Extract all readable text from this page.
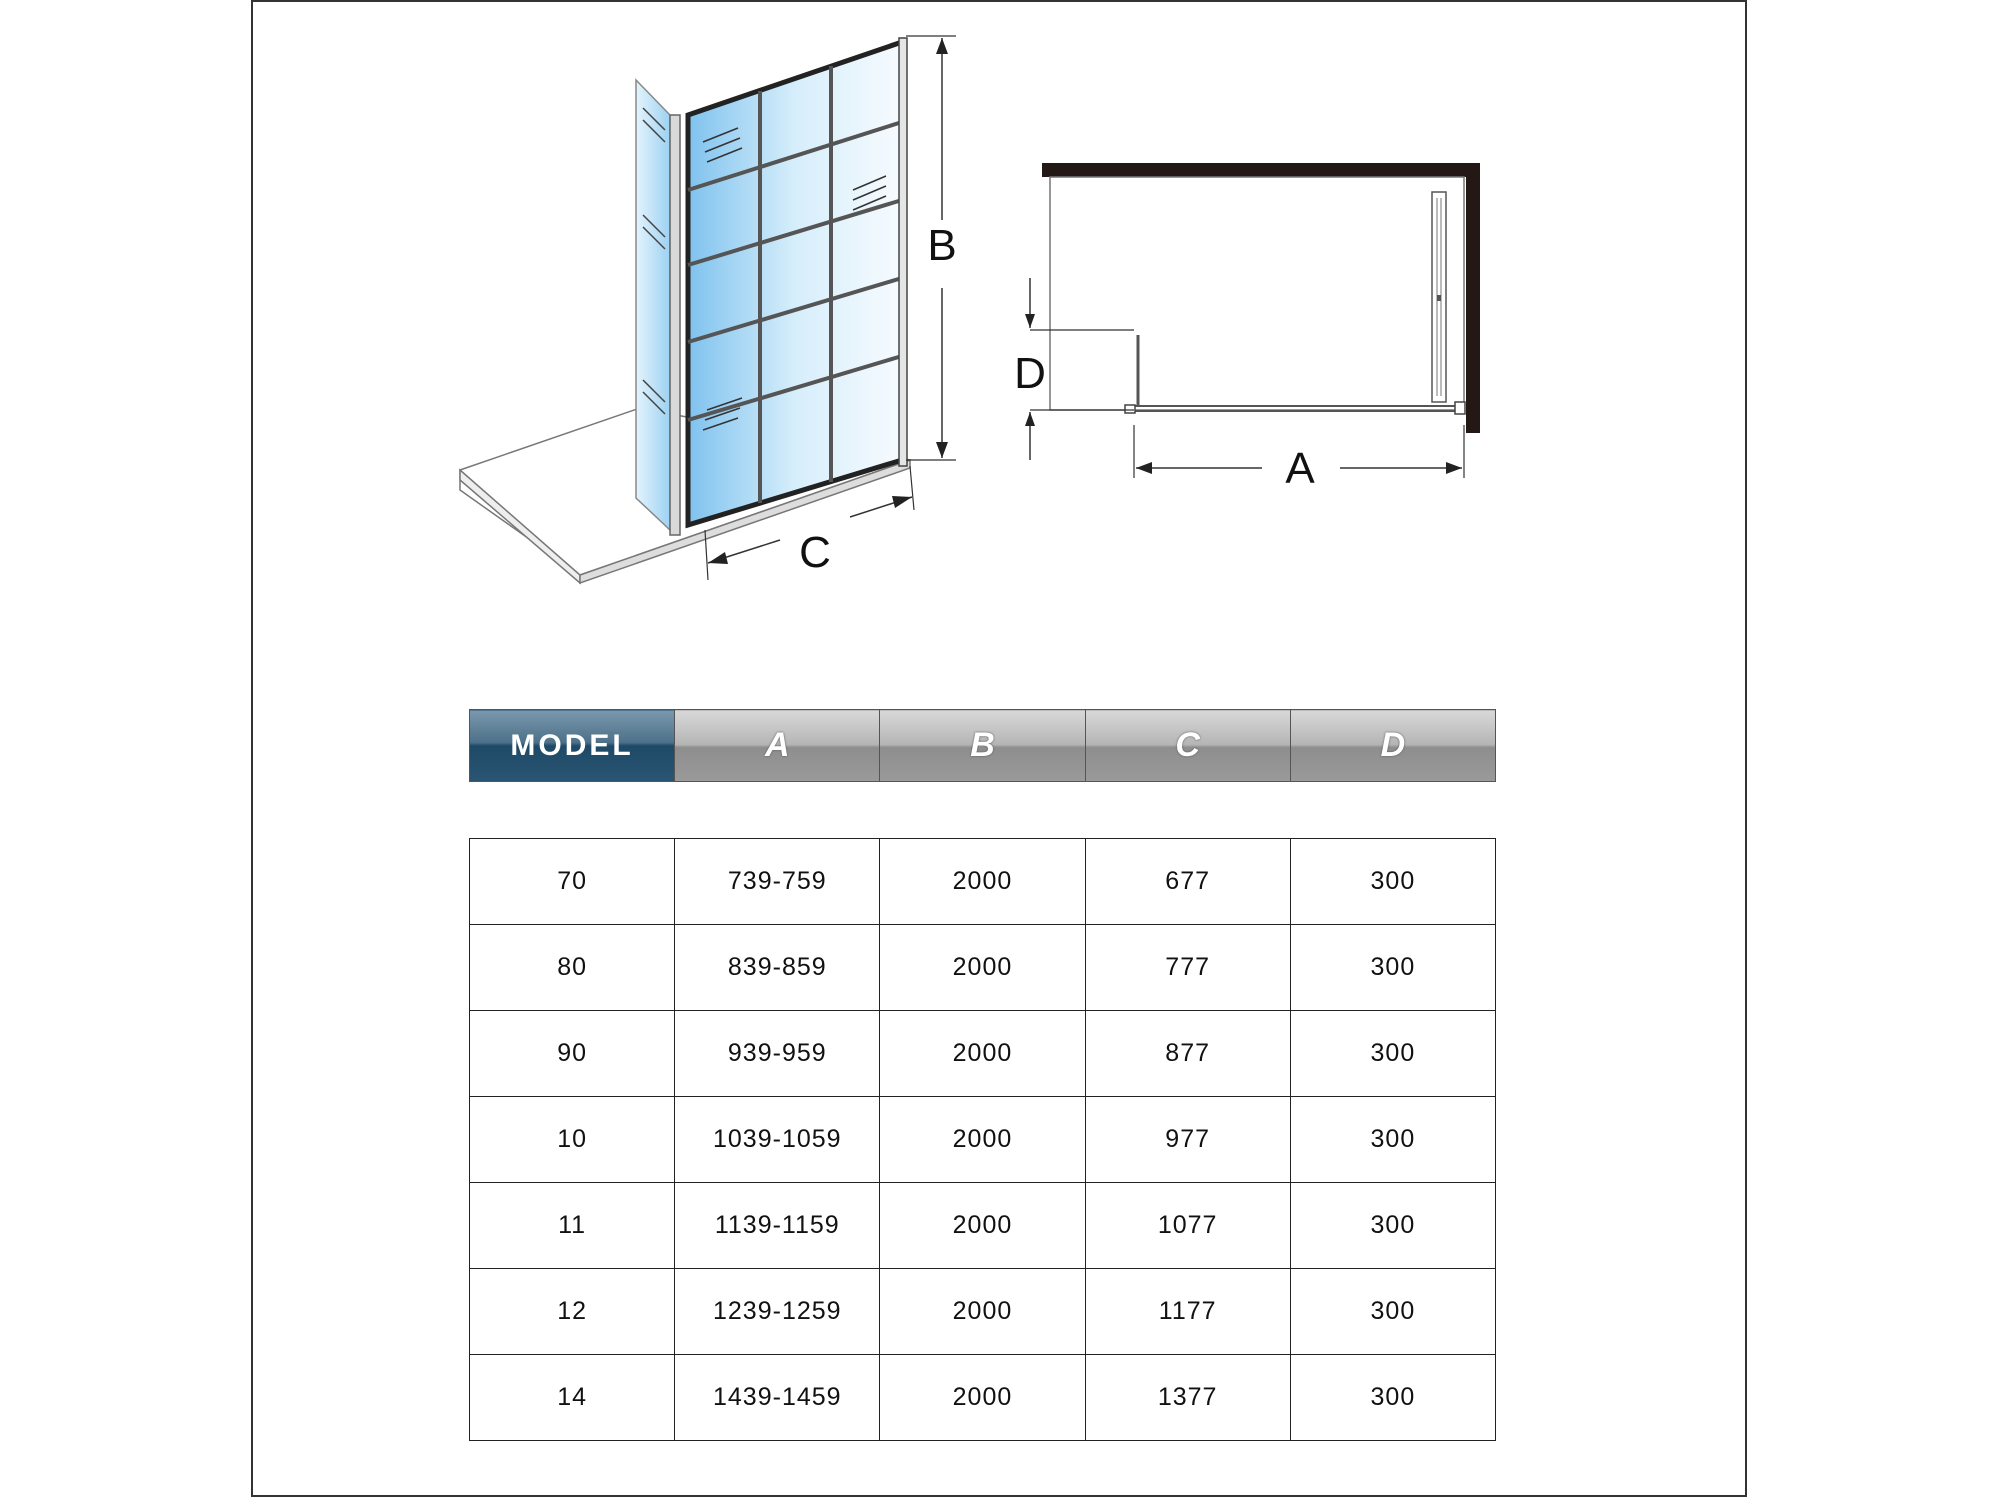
B
C
D
A
MODEL	A	B	C	D
70	739-759	2000	677	300
80	839-859	2000	777	300
90	939-959	2000	877	300
10	1039-1059	2000	977	300
11	1139-1159	2000	1077	300
12	1239-1259	2000	1177	300
14	1439-1459	2000	1377	300
